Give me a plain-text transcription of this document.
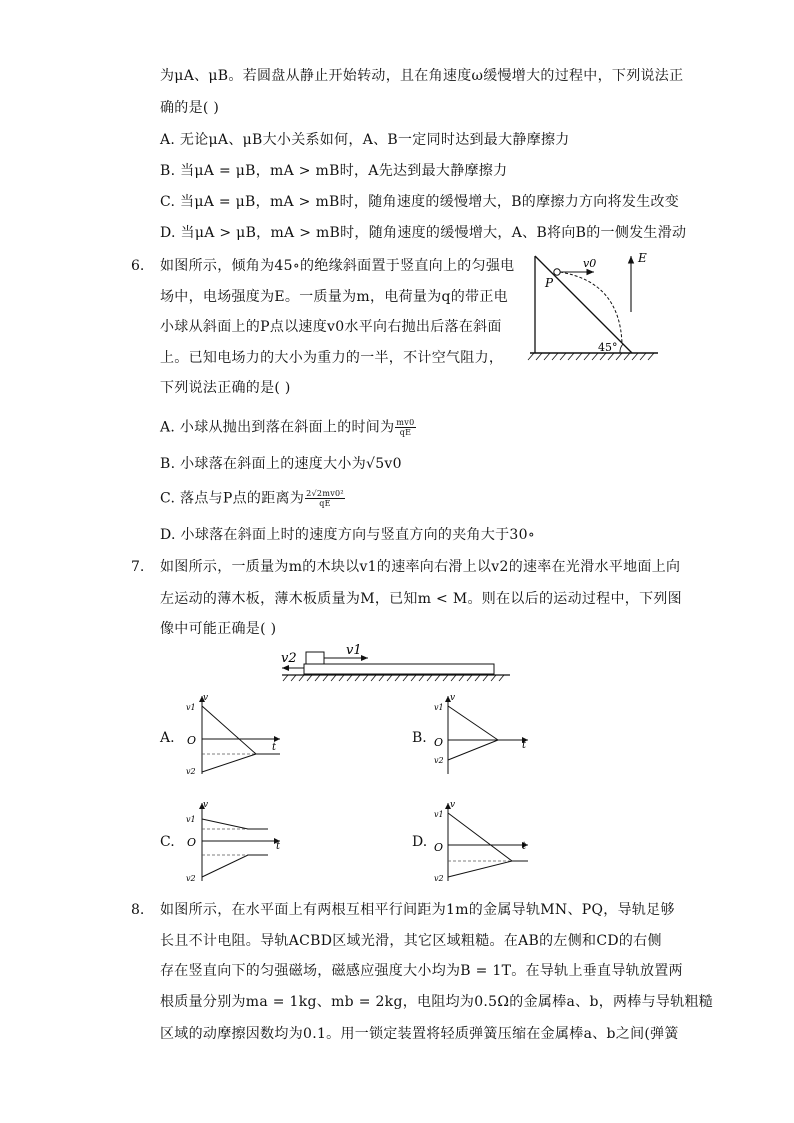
为μA、μB。若圆盘从静止开始转动，且在角速度ω缓慢增大的过程中，下列说法正
确的是( )
A. 无论μA、μB大小关系如何，A、B一定同时达到最大静摩擦力
B. 当μA = μB，mA > mB时，A先达到最大静摩擦力
C. 当μA = μB，mA > mB时，随角速度的缓慢增大，B的摩擦力方向将发生改变
D. 当μA > μB，mA > mB时，随角速度的缓慢增大，A、B将向B的一侧发生滑动
6. 如图所示，倾角为45∘的绝缘斜面置于竖直向上的匀强电
场中，电场强度为E。一质量为m，电荷量为q的带正电
小球从斜面上的P点以速度v0水平向右抛出后落在斜面
上。已知电场力的大小为重力的一半，不计空气阻力，
下列说法正确的是( )
v0	E
P
45°
A. 小球从抛出到落在斜面上的时间为 $\frac{mv0}{qE}$
B. 小球落在斜面上的速度大小为√5v0
C. 落点与P点的距离为 $\frac{\text{2√2mv0²}}{qE}$
D. 小球落在斜面上时的速度方向与竖直方向的夹角大于30∘
7. 如图所示，一质量为m的木块以v1的速率向右滑上以v2的速率在光滑水平地面上向
左运动的薄木板，薄木板质量为M，已知m < M。则在以后的运动过程中，下列图
像中可能正确是( )
v1
v2
A.
v
t
O
v1
v2
B.
v
t
O
v1
v2
C.
v
t
O
v1
v2
D.
v
t
O
v1
v2
8. 如图所示，在水平面上有两根互相平行间距为1m的金属导轨MN、PQ，导轨足够
长且不计电阻。导轨ACBD区域光滑，其它区域粗糙。在AB的左侧和CD的右侧
存在竖直向下的匀强磁场，磁感应强度大小均为B = 1T。在导轨上垂直导轨放置两
根质量分别为ma = 1kg、mb = 2kg，电阻均为0.5Ω的金属棒a、b，两棒与导轨粗糙
区域的动摩擦因数均为0.1。用一锁定装置将轻质弹簧压缩在金属棒a、b之间(弹簧
